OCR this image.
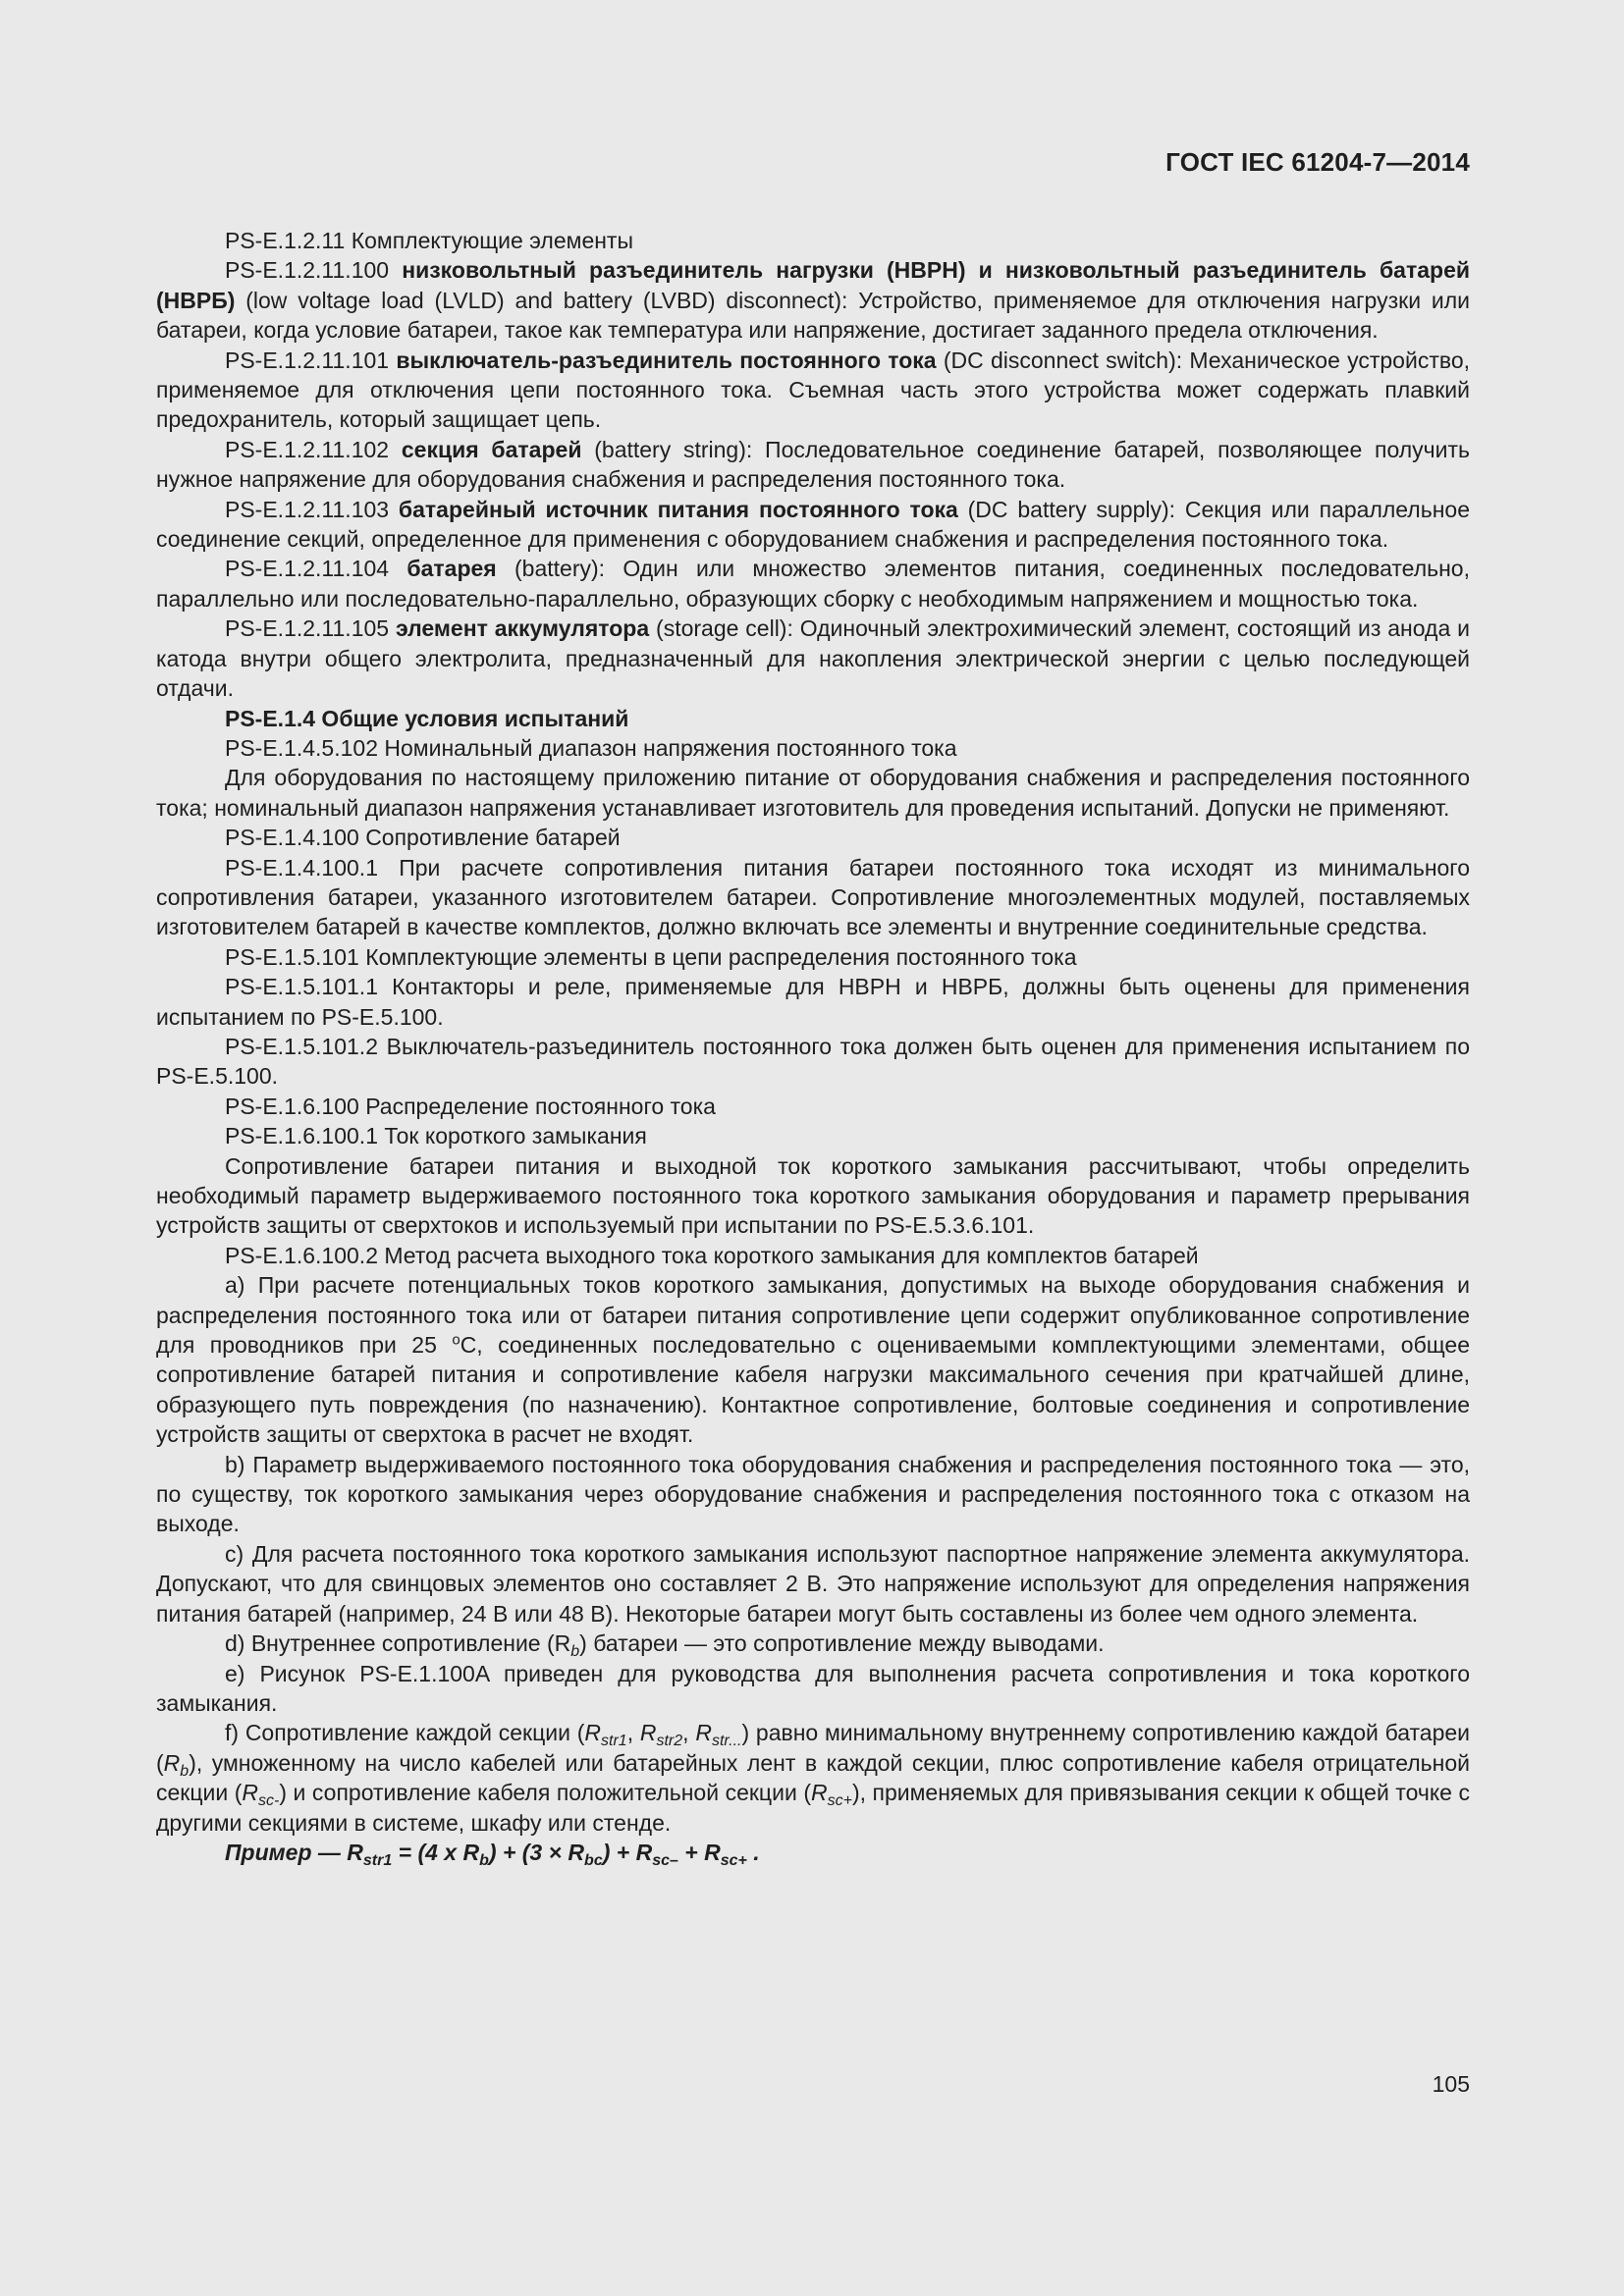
ГОСТ IEC 61204-7—2014

PS-E.1.2.11 Комплектующие элементы

PS-E.1.2.11.100 низковольтный разъединитель нагрузки (НВРН) и низковольтный разъединитель батарей (НВРБ) (low voltage load (LVLD) and battery (LVBD) disconnect): Устройство, применяемое для отключения нагрузки или батареи, когда условие батареи, такое как температура или напряжение, достигает заданного предела отключения.

PS-E.1.2.11.101 выключатель-разъединитель постоянного тока (DC disconnect switch): Механическое устройство, применяемое для отключения цепи постоянного тока. Съемная часть этого устройства может содержать плавкий предохранитель, который защищает цепь.

PS-E.1.2.11.102 секция батарей (battery string): Последовательное соединение батарей, позволяющее получить нужное напряжение для оборудования снабжения и распределения постоянного тока.

PS-E.1.2.11.103 батарейный источник питания постоянного тока (DC battery supply): Секция или параллельное соединение секций, определенное для применения с оборудованием снабжения и распределения постоянного тока.

PS-E.1.2.11.104 батарея (battery): Один или множество элементов питания, соединенных последовательно, параллельно или последовательно-параллельно, образующих сборку с необходимым напряжением и мощностью тока.

PS-E.1.2.11.105 элемент аккумулятора (storage cell): Одиночный электрохимический элемент, состоящий из анода и катода внутри общего электролита, предназначенный для накопления электрической энергии с целью последующей отдачи.

PS-E.1.4 Общие условия испытаний

PS-E.1.4.5.102 Номинальный диапазон напряжения постоянного тока

Для оборудования по настоящему приложению питание от оборудования снабжения и распределения постоянного тока; номинальный диапазон напряжения устанавливает изготовитель для проведения испытаний. Допуски не применяют.

PS-E.1.4.100 Сопротивление батарей

PS-E.1.4.100.1 При расчете сопротивления питания батареи постоянного тока исходят из минимального сопротивления батареи, указанного изготовителем батареи. Сопротивление многоэлементных модулей, поставляемых изготовителем батарей в качестве комплектов, должно включать все элементы и внутренние соединительные средства.

PS-E.1.5.101 Комплектующие элементы в цепи распределения постоянного тока

PS-E.1.5.101.1 Контакторы и реле, применяемые для НВРН и НВРБ, должны быть оценены для применения испытанием по PS-E.5.100.

PS-E.1.5.101.2 Выключатель-разъединитель постоянного тока должен быть оценен для применения испытанием по PS-E.5.100.

PS-E.1.6.100 Распределение постоянного тока

PS-E.1.6.100.1 Ток короткого замыкания

Сопротивление батареи питания и выходной ток короткого замыкания рассчитывают, чтобы определить необходимый параметр выдерживаемого постоянного тока короткого замыкания оборудования и параметр прерывания устройств защиты от сверхтоков и используемый при испытании по PS-E.5.3.6.101.

PS-E.1.6.100.2 Метод расчета выходного тока короткого замыкания для комплектов батарей

а) При расчете потенциальных токов короткого замыкания, допустимых на выходе оборудования снабжения и распределения постоянного тока или от батареи питания сопротивление цепи содержит опубликованное сопротивление для проводников при 25 $^о$С, соединенных последовательно с оцениваемыми комплектующими элементами, общее сопротивление батарей питания и сопротивление кабеля нагрузки максимального сечения при кратчайшей длине, образующего путь повреждения (по назначению). Контактное сопротивление, болтовые соединения и сопротивление устройств защиты от сверхтока в расчет не входят.

b) Параметр выдерживаемого постоянного тока оборудования снабжения и распределения постоянного тока — это, по существу, ток короткого замыкания через оборудование снабжения и распределения постоянного тока с отказом на выходе.

с) Для расчета постоянного тока короткого замыкания используют паспортное напряжение элемента аккумулятора. Допускают, что для свинцовых элементов оно составляет 2 В. Это напряжение используют для определения напряжения питания батарей (например, 24 В или 48 В). Некоторые батареи могут быть составлены из более чем одного элемента.

d) Внутреннее сопротивление $(R_b)$ батареи — это сопротивление между выводами.

е) Рисунок PS-E.1.100A приведен для руководства для выполнения расчета сопротивления и тока короткого замыкания.

f) Сопротивление каждой секции ($R_{str1}$, $R_{str2}$, $R_{str...}$) равно минимальному внутреннему сопротивлению каждой батареи $(R_b)$, умноженному на число кабелей или батарейных лент в каждой секции, плюс сопротивление кабеля отрицательной секции $(R_{sc-})$ и сопротивление кабеля положительной секции $(R_{sc+})$, применяемых для привязывания секции к общей точке с другими секциями в системе, шкафу или стенде.

Пример — $R_{str1} = (4$ x $R_b) + (3 \times R_{bc}) + R_{sc-} + R_{sc+}$ .

105
